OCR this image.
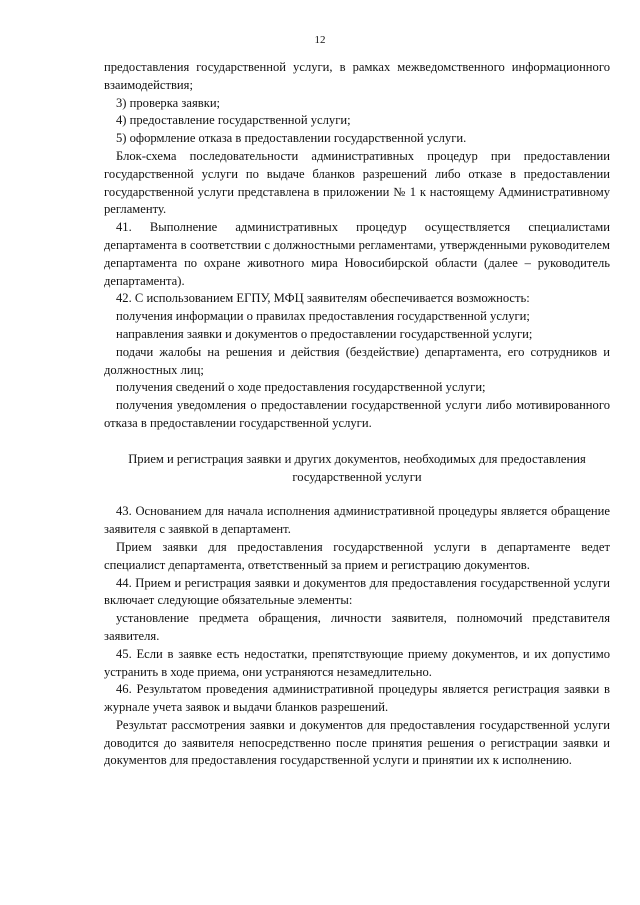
12

предоставления государственной услуги, в рамках межведомственного информационного взаимодействия;

3) проверка заявки;

4) предоставление государственной услуги;

5) оформление отказа в предоставлении государственной услуги.

Блок-схема последовательности административных процедур при предоставлении государственной услуги по выдаче бланков разрешений либо отказе в предоставлении государственной услуги представлена в приложении № 1 к настоящему Административному регламенту.

41. Выполнение административных процедур осуществляется специалистами департамента в соответствии с должностными регламентами, утвержденными руководителем департамента по охране животного мира Новосибирской области (далее – руководитель департамента).

42. С использованием ЕГПУ, МФЦ заявителям обеспечивается возможность:

получения информации о правилах предоставления государственной услуги;

направления заявки и документов о предоставлении государственной услуги;

подачи жалобы на решения и действия (бездействие) департамента, его сотрудников и должностных лиц;

получения сведений о ходе предоставления государственной услуги;

получения уведомления о предоставлении государственной услуги либо мотивированного отказа в предоставлении государственной услуги.

Прием и регистрация заявки и других документов, необходимых для предоставления государственной услуги

43. Основанием для начала исполнения административной процедуры является обращение заявителя с заявкой в департамент.

Прием заявки для предоставления государственной услуги в департаменте ведет специалист департамента, ответственный за прием и регистрацию документов.

44. Прием и регистрация заявки и документов для предоставления государственной услуги включает следующие обязательные элементы:

установление предмета обращения, личности заявителя, полномочий представителя заявителя.

45. Если в заявке есть недостатки, препятствующие приему документов, и их допустимо устранить в ходе приема, они устраняются незамедлительно.

46. Результатом проведения административной процедуры является регистрация заявки в журнале учета заявок и выдачи бланков разрешений.

Результат рассмотрения заявки и документов для предоставления государственной услуги доводится до заявителя непосредственно после принятия решения о регистрации заявки и документов для предоставления государственной услуги и принятии их к исполнению.
